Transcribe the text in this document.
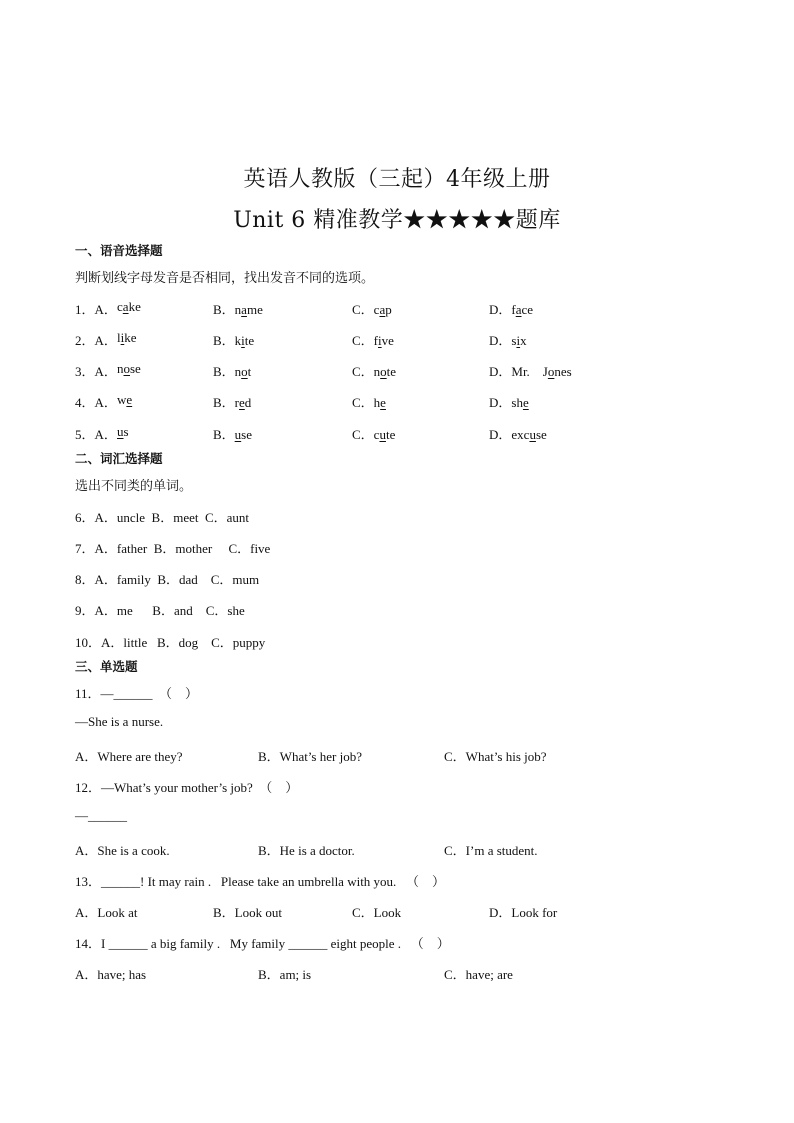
英语人教版（三起）4年级上册
Unit 6 精准教学★★★★★题库
一、语音选择题
判断划线字母发音是否相同，找出发音不同的选项。
1．A． cake	B．name	C．cap	D．face
2．A． like	B．kite	C．five	D．six
3．A． nose	B．not	C．note	D．Mr.　Jones
4．A． we	B．red	C．he	D．she
5．A． us	B．use	C．cute	D．excuse
二、词汇选择题
选出不同类的单词。
6．A．uncle  B．meet  C．aunt
7．A．father  B．mother     C．five
8．A．family  B．dad    C．mum
9．A．me      B．and    C．she
10．A．little   B．dog    C．puppy
三、单选题
11．—______  （    ）
—She is a nurse.
A．Where are they?	B．What’s her job?	C．What’s his job?
12．—What’s your mother’s job?  （    ）
—______
A．She is a cook.	B．He is a doctor.	C．I’m a student.
13．______! It may rain .   Please take an umbrella with you.   （    ）
A．Look at	B．Look out	C．Look	D．Look for
14．I ______ a big family .   My family ______ eight people .   （    ）
A．have; has	B．am; is	C．have; are
